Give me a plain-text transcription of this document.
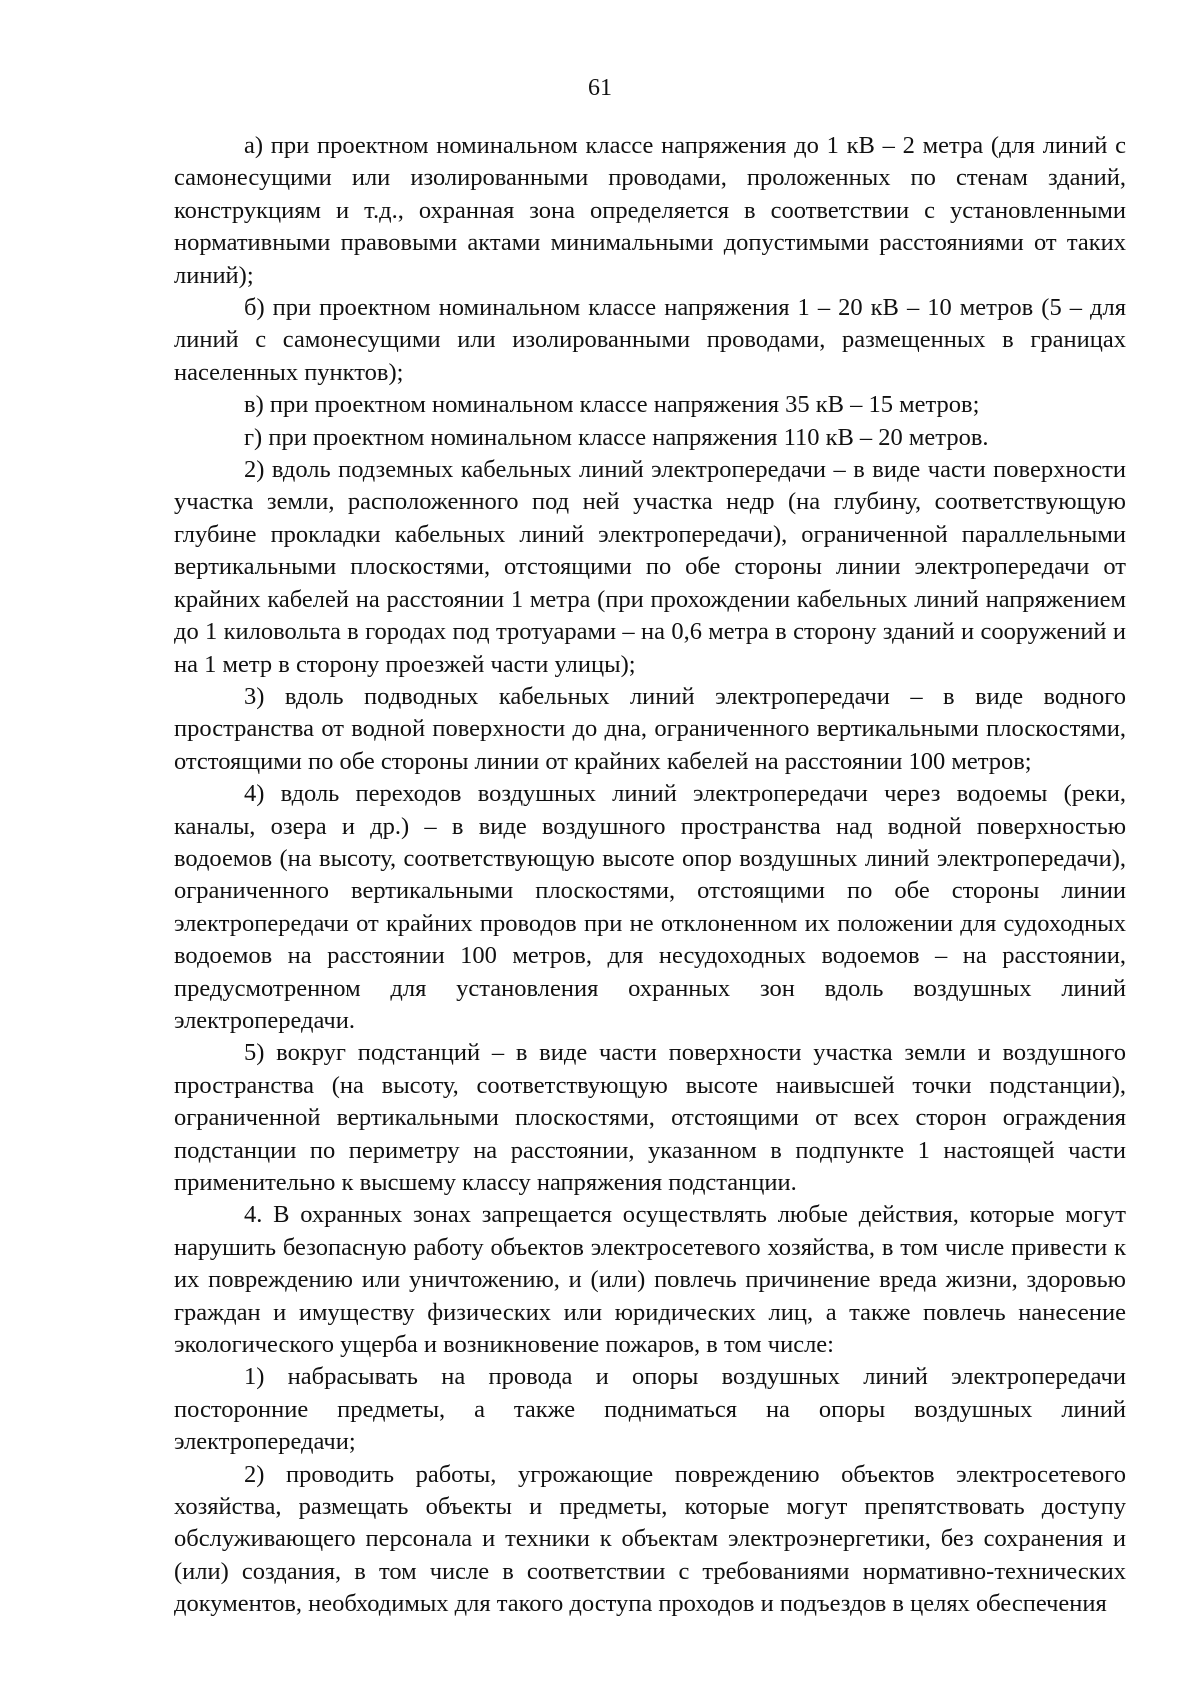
61

а) при проектном номинальном классе напряжения до 1 кВ – 2 метра (для линий с самонесущими или изолированными проводами, проложенных по стенам зданий, конструкциям и т.д., охранная зона определяется в соответствии с установленными нормативными правовыми актами минимальными допустимыми расстояниями от таких линий);

б) при проектном номинальном классе напряжения 1 – 20 кВ – 10 метров (5 – для линий с самонесущими или изолированными проводами, размещенных в границах населенных пунктов);

в) при проектном номинальном классе напряжения 35 кВ – 15 метров;

г) при проектном номинальном классе напряжения 110 кВ – 20 метров.

2) вдоль подземных кабельных линий электропередачи – в виде части поверхности участка земли, расположенного под ней участка недр (на глубину, соответствующую глубине прокладки кабельных линий электропередачи), ограниченной параллельными вертикальными плоскостями, отстоящими по обе стороны линии электропередачи от крайних кабелей на расстоянии 1 метра (при прохождении кабельных линий напряжением до 1 киловольта в городах под тротуарами – на 0,6 метра в сторону зданий и сооружений и на 1 метр в сторону проезжей части улицы);

3) вдоль подводных кабельных линий электропередачи – в виде водного пространства от водной поверхности до дна, ограниченного вертикальными плоскостями, отстоящими по обе стороны линии от крайних кабелей на расстоянии 100 метров;

4) вдоль переходов воздушных линий электропередачи через водоемы (реки, каналы, озера и др.) – в виде воздушного пространства над водной поверхностью водоемов (на высоту, соответствующую высоте опор воздушных линий электропередачи), ограниченного вертикальными плоскостями, отстоящими по обе стороны линии электропередачи от крайних проводов при не отклоненном их положении для судоходных водоемов на расстоянии 100 метров, для несудоходных водоемов – на расстоянии, предусмотренном для установления охранных зон вдоль воздушных линий электропередачи.

5) вокруг подстанций – в виде части поверхности участка земли и воздушного пространства (на высоту, соответствующую высоте наивысшей точки подстанции), ограниченной вертикальными плоскостями, отстоящими от всех сторон ограждения подстанции по периметру на расстоянии, указанном в подпункте 1 настоящей части применительно к высшему классу напряжения подстанции.

4. В охранных зонах запрещается осуществлять любые действия, которые могут нарушить безопасную работу объектов электросетевого хозяйства, в том числе привести к их повреждению или уничтожению, и (или) повлечь причинение вреда жизни, здоровью граждан и имуществу физических или юридических лиц, а также повлечь нанесение экологического ущерба и возникновение пожаров, в том числе:

1) набрасывать на провода и опоры воздушных линий электропередачи посторонние предметы, а также подниматься на опоры воздушных линий электропередачи;

2) проводить работы, угрожающие повреждению объектов электросетевого хозяйства, размещать объекты и предметы, которые могут препятствовать доступу обслуживающего персонала и техники к объектам электроэнергетики, без сохранения и (или) создания, в том числе в соответствии с требованиями нормативно-технических документов, необходимых для такого доступа проходов и подъездов в целях обеспечения
